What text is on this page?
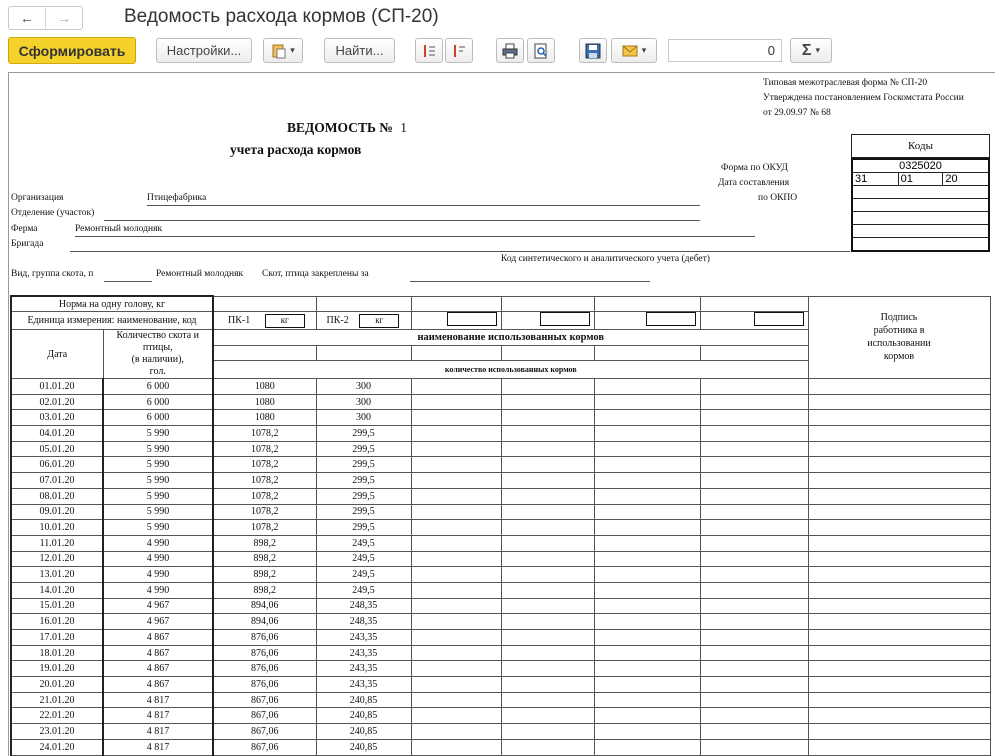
←	→	Ведомость расхода кормов (СП-20)
Сформировать	Настройки...	▾	Найти...	▾	0	Σ ▾
Типовая межотраслевая форма № СП-20
Утверждена постановлением Госкомстата России
от 29.09.97 № 68
ВЕДОМОСТЬ № 1
учета расхода кормов	Коды
0325020
31	01	20

Форма по ОКУД
Дата составления
по ОКПО
Организация	Птицефабрика
Отделение (участок)
Ферма	Ремонтный молодняк
Бригада
Код синтетического и аналитического учета (дебет)
Вид, группа скота, п	Ремонтный молодняк Скот, птица закреплены за
Норма на одну голову, кг								Подпись
работника в
использовании
кормов

Единица измерения: наименование, код		ПК-1 кг	ПК-2 кг					
Дата	Количество скота и
птицы,
(в наличии),
гол.	наименование использованных кормов						

		количество использованных кормов						
01.01.20	6 000	1080	300					
02.01.20	6 000	1080	300					
03.01.20	6 000	1080	300					
04.01.20	5 990	1078,2	299,5					
05.01.20	5 990	1078,2	299,5					
06.01.20	5 990	1078,2	299,5					
07.01.20	5 990	1078,2	299,5					
08.01.20	5 990	1078,2	299,5					
09.01.20	5 990	1078,2	299,5					
10.01.20	5 990	1078,2	299,5					
11.01.20	4 990	898,2	249,5					
12.01.20	4 990	898,2	249,5					
13.01.20	4 990	898,2	249,5					
14.01.20	4 990	898,2	249,5					
15.01.20	4 967	894,06	248,35					
16.01.20	4 967	894,06	248,35					
17.01.20	4 867	876,06	243,35					
18.01.20	4 867	876,06	243,35					
19.01.20	4 867	876,06	243,35					
20.01.20	4 867	876,06	243,35					
21.01.20	4 817	867,06	240,85					
22.01.20	4 817	867,06	240,85					
23.01.20	4 817	867,06	240,85					
24.01.20	4 817	867,06	240,85					
